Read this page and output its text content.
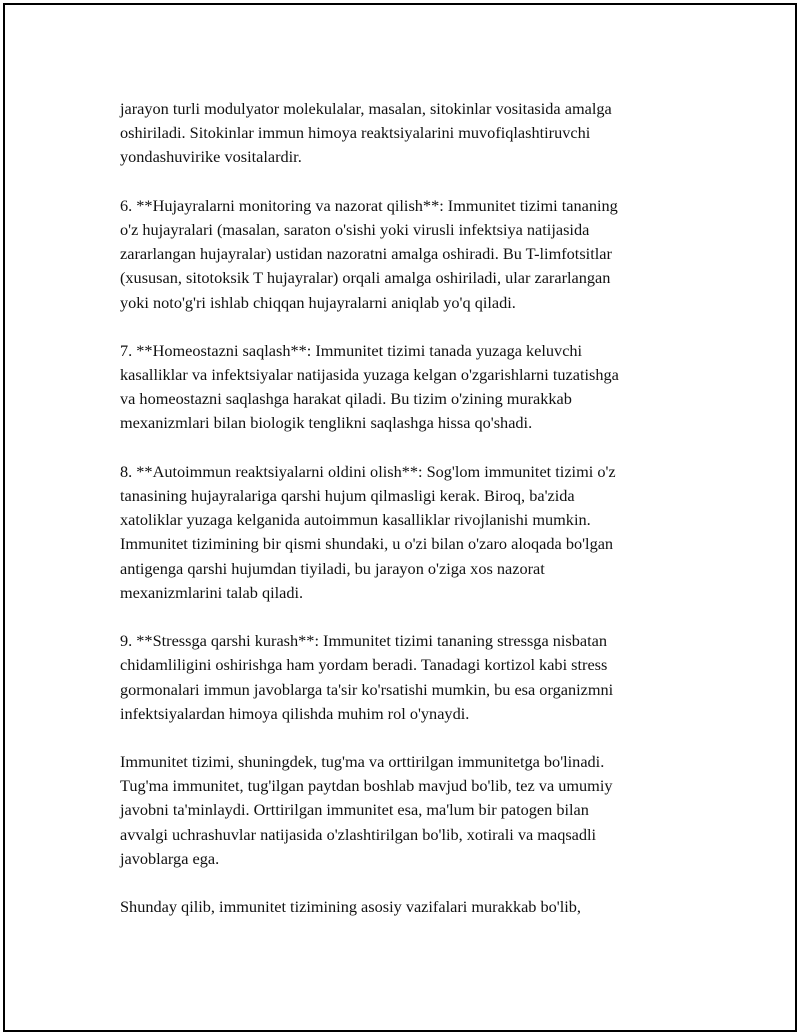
jarayon turli modulyator molekulalar, masalan, sitokinlar vositasida amalga
oshiriladi. Sitokinlar immun himoya reaktsiyalarini muvofiqlashtiruvchi
yondashuvirike vositalardir.

6. **Hujayralarni monitoring va nazorat qilish**: Immunitet tizimi tananing
o'z hujayralari (masalan, saraton o'sishi yoki virusli infektsiya natijasida
zararlangan hujayralar) ustidan nazoratni amalga oshiradi. Bu T-limfotsitlar
(xususan, sitotoksik T hujayralar) orqali amalga oshiriladi, ular zararlangan
yoki noto'g'ri ishlab chiqqan hujayralarni aniqlab yo'q qiladi.

7. **Homeostazni saqlash**: Immunitet tizimi tanada yuzaga keluvchi
kasalliklar va infektsiyalar natijasida yuzaga kelgan o'zgarishlarni tuzatishga
va homeostazni saqlashga harakat qiladi. Bu tizim o'zining murakkab
mexanizmlari bilan biologik tenglikni saqlashga hissa qo'shadi.

8. **Autoimmun reaktsiyalarni oldini olish**: Sog'lom immunitet tizimi o'z
tanasining hujayralariga qarshi hujum qilmasligi kerak. Biroq, ba'zida
xatoliklar yuzaga kelganida autoimmun kasalliklar rivojlanishi mumkin.
Immunitet tizimining bir qismi shundaki, u o'zi bilan o'zaro aloqada bo'lgan
antigenga qarshi hujumdan tiyiladi, bu jarayon o'ziga xos nazorat
mexanizmlarini talab qiladi.

9. **Stressga qarshi kurash**: Immunitet tizimi tananing stressga nisbatan
chidamliligini oshirishga ham yordam beradi. Tanadagi kortizol kabi stress
gormonalari immun javoblarga ta'sir ko'rsatishi mumkin, bu esa organizmni
infektsiyalardan himoya qilishda muhim rol o'ynaydi.

Immunitet tizimi, shuningdek, tug'ma va orttirilgan immunitetga bo'linadi.
Tug'ma immunitet, tug'ilgan paytdan boshlab mavjud bo'lib, tez va umumiy
javobni ta'minlaydi. Orttirilgan immunitet esa, ma'lum bir patogen bilan
avvalgi uchrashuvlar natijasida o'zlashtirilgan bo'lib, xotirali va maqsadli
javoblarga ega.

Shunday qilib, immunitet tizimining asosiy vazifalari murakkab bo'lib,
